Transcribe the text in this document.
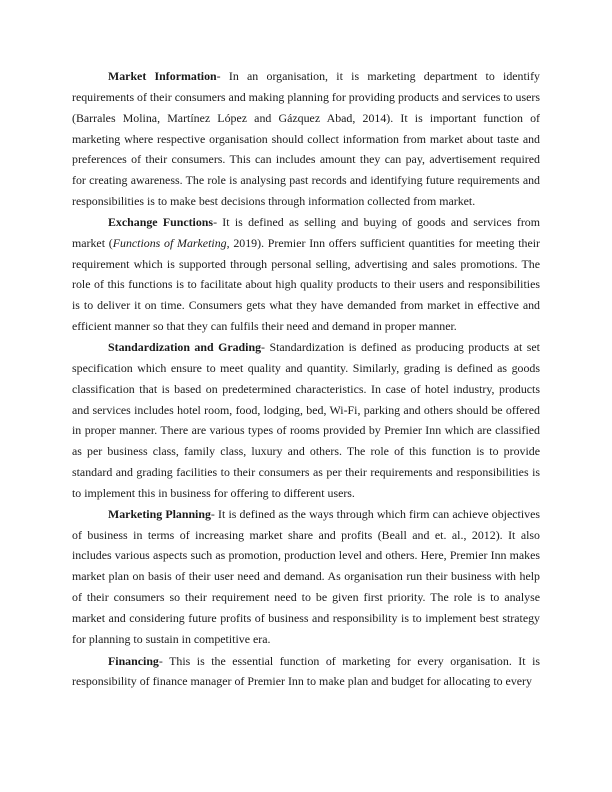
Market Information- In an organisation, it is marketing department to identify requirements of their consumers and making planning for providing products and services to users (Barrales Molina, Martínez López and Gázquez Abad, 2014). It is important function of marketing where respective organisation should collect information from market about taste and preferences of their consumers. This can includes amount they can pay, advertisement required for creating awareness. The role is analysing past records and identifying future requirements and responsibilities is to make best decisions through information collected from market.

Exchange Functions- It is defined as selling and buying of goods and services from market (Functions of Marketing, 2019). Premier Inn offers sufficient quantities for meeting their requirement which is supported through personal selling, advertising and sales promotions. The role of this functions is to facilitate about high quality products to their users and responsibilities is to deliver it on time. Consumers gets what they have demanded from market in effective and efficient manner so that they can fulfils their need and demand in proper manner.

Standardization and Grading- Standardization is defined as producing products at set specification which ensure to meet quality and quantity. Similarly, grading is defined as goods classification that is based on predetermined characteristics. In case of hotel industry, products and services includes hotel room, food, lodging, bed, Wi-Fi, parking and others should be offered in proper manner. There are various types of rooms provided by Premier Inn which are classified as per business class, family class, luxury and others. The role of this function is to provide standard and grading facilities to their consumers as per their requirements and responsibilities is to implement this in business for offering to different users.

Marketing Planning- It is defined as the ways through which firm can achieve objectives of business in terms of increasing market share and profits (Beall and et. al., 2012). It also includes various aspects such as promotion, production level and others. Here, Premier Inn makes market plan on basis of their user need and demand. As organisation run their business with help of their consumers so their requirement need to be given first priority. The role is to analyse market and considering future profits of business and responsibility is to implement best strategy for planning to sustain in competitive era.

Financing- This is the essential function of marketing for every organisation. It is responsibility of finance manager of Premier Inn to make plan and budget for allocating to every
